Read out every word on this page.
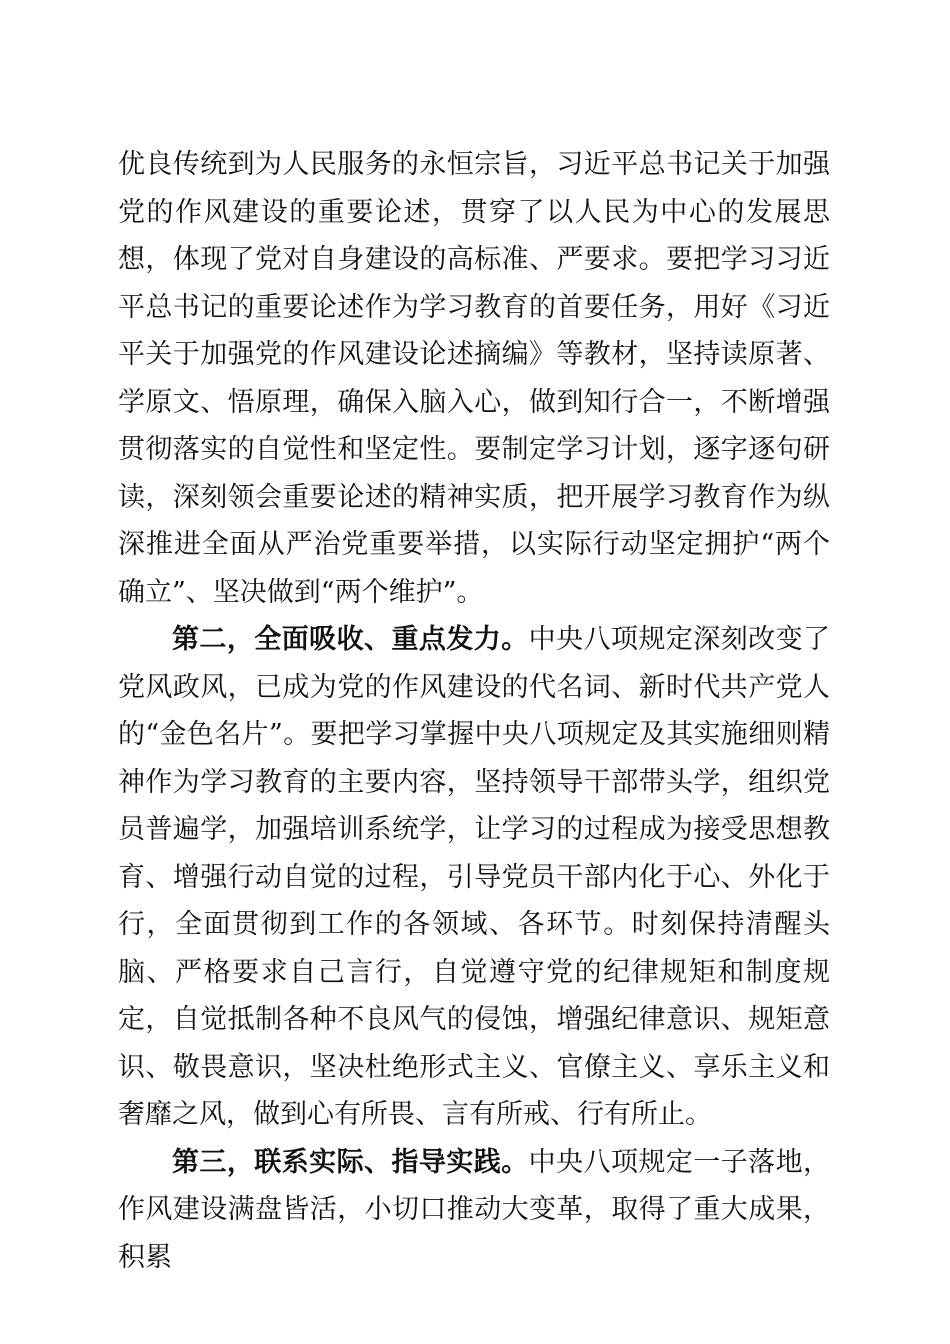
优良传统到为人民服务的永恒宗旨，习近平总书记关于加强党的作风建设的重要论述，贯穿了以人民为中心的发展思想，体现了党对自身建设的高标准、严要求。要把学习习近平总书记的重要论述作为学习教育的首要任务，用好《习近平关于加强党的作风建设论述摘编》等教材，坚持读原著、学原文、悟原理，确保入脑入心，做到知行合一，不断增强贯彻落实的自觉性和坚定性。要制定学习计划，逐字逐句研读，深刻领会重要论述的精神实质，把开展学习教育作为纵深推进全面从严治党重要举措，以实际行动坚定拥护“两个确立”、坚决做到“两个维护”。

第二，全面吸收、重点发力。中央八项规定深刻改变了党风政风，已成为党的作风建设的代名词、新时代共产党人的“金色名片”。要把学习掌握中央八项规定及其实施细则精神作为学习教育的主要内容，坚持领导干部带头学，组织党员普遍学，加强培训系统学，让学习的过程成为接受思想教育、增强行动自觉的过程，引导党员干部内化于心、外化于行，全面贯彻到工作的各领域、各环节。时刻保持清醒头脑、严格要求自己言行，自觉遵守党的纪律规矩和制度规定，自觉抵制各种不良风气的侵蚀，增强纪律意识、规矩意识、敬畏意识，坚决杜绝形式主义、官僚主义、享乐主义和奢靡之风，做到心有所畏、言有所戒、行有所止。

第三，联系实际、指导实践。中央八项规定一子落地，作风建设满盘皆活，小切口推动大变革，取得了重大成果，积累
